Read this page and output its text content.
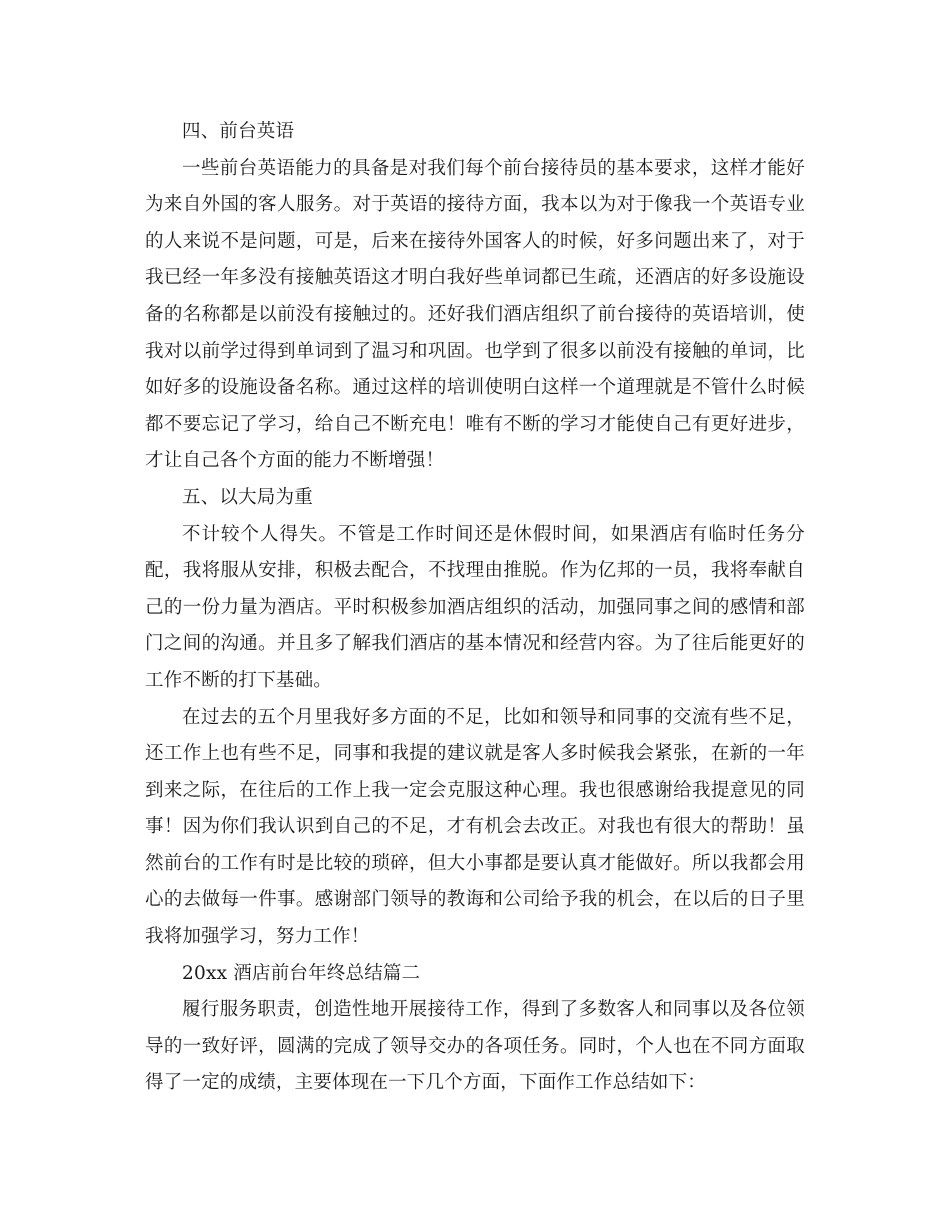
四、前台英语

一些前台英语能力的具备是对我们每个前台接待员的基本要求，这样才能好为来自外国的客人服务。对于英语的接待方面，我本以为对于像我一个英语专业的人来说不是问题，可是，后来在接待外国客人的时候，好多问题出来了，对于我已经一年多没有接触英语这才明白我好些单词都已生疏，还酒店的好多设施设备的名称都是以前没有接触过的。还好我们酒店组织了前台接待的英语培训，使我对以前学过得到单词到了温习和巩固。也学到了很多以前没有接触的单词，比如好多的设施设备名称。通过这样的培训使明白这样一个道理就是不管什么时候都不要忘记了学习，给自己不断充电！唯有不断的学习才能使自己有更好进步，才让自己各个方面的能力不断增强！

五、以大局为重

不计较个人得失。不管是工作时间还是休假时间，如果酒店有临时任务分配，我将服从安排，积极去配合，不找理由推脱。作为亿邦的一员，我将奉献自己的一份力量为酒店。平时积极参加酒店组织的活动，加强同事之间的感情和部门之间的沟通。并且多了解我们酒店的基本情况和经营内容。为了往后能更好的工作不断的打下基础。

在过去的五个月里我好多方面的不足，比如和领导和同事的交流有些不足，还工作上也有些不足，同事和我提的建议就是客人多时候我会紧张，在新的一年到来之际，在往后的工作上我一定会克服这种心理。我也很感谢给我提意见的同事！因为你们我认识到自己的不足，才有机会去改正。对我也有很大的帮助！虽然前台的工作有时是比较的琐碎，但大小事都是要认真才能做好。所以我都会用心的去做每一件事。感谢部门领导的教诲和公司给予我的机会，在以后的日子里我将加强学习，努力工作！

20xx 酒店前台年终总结篇二

履行服务职责，创造性地开展接待工作，得到了多数客人和同事以及各位领导的一致好评，圆满的完成了领导交办的各项任务。同时，个人也在不同方面取得了一定的成绩，主要体现在一下几个方面，下面作工作总结如下：
